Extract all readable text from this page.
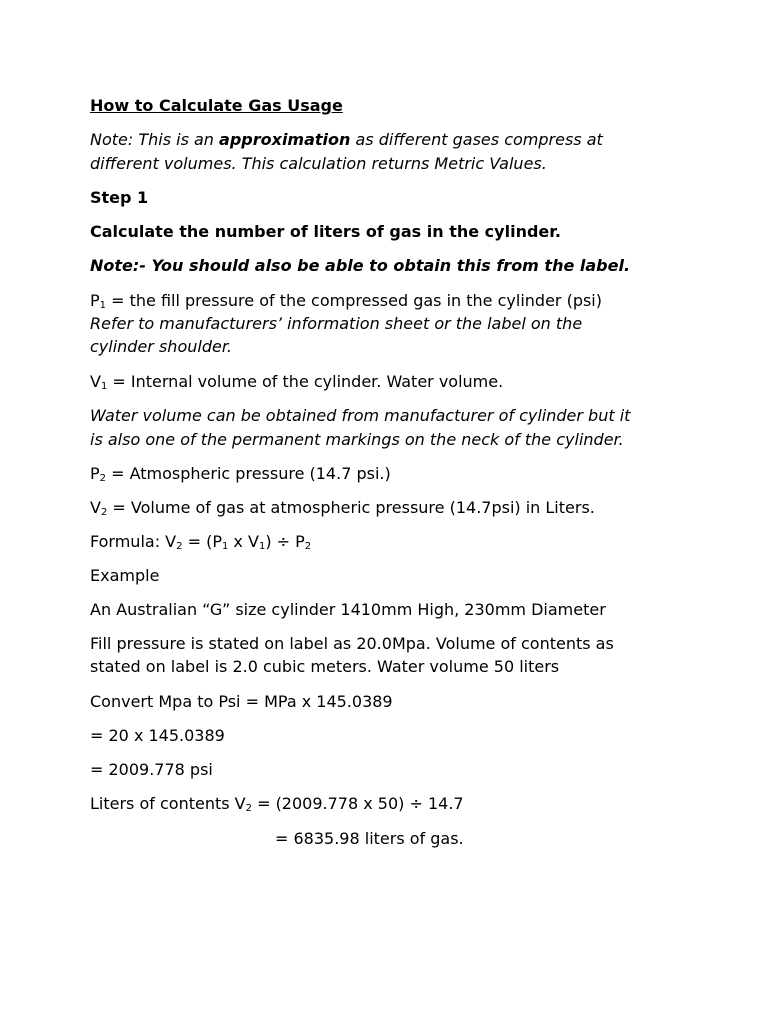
How to Calculate Gas Usage

Note: This is an approximation as different gases compress at

different volumes. This calculation returns Metric Values.

Step 1

Calculate the number of liters of gas in the cylinder.

Note:- You should also be able to obtain this from the label.

$P_1$ = the fill pressure of the compressed gas in the cylinder (psi)

Refer to manufacturers’ information sheet or the label on the

cylinder shoulder.

$V_1$ = Internal volume of the cylinder. Water volume.

Water volume can be obtained from manufacturer of cylinder but it

is also one of the permanent markings on the neck of the cylinder.

$P_2$ = Atmospheric pressure (14.7 psi.)

$V_2$ = Volume of gas at atmospheric pressure (14.7psi) in Liters.

Formula: $V_2 = (P_1$ x $V_1) \div P_2$

Example

An Australian “G” size cylinder 1410mm High, 230mm Diameter

Fill pressure is stated on label as 20.0Mpa. Volume of contents as

stated on label is 2.0 cubic meters. Water volume 50 liters

Convert Mpa to Psi = MPa x 145.0389

= 20 x 145.0389

= 2009.778 psi

Liters of contents $V_2 = (2009.778$ x 50) ÷ 14.7

= 6835.98 liters of gas.
